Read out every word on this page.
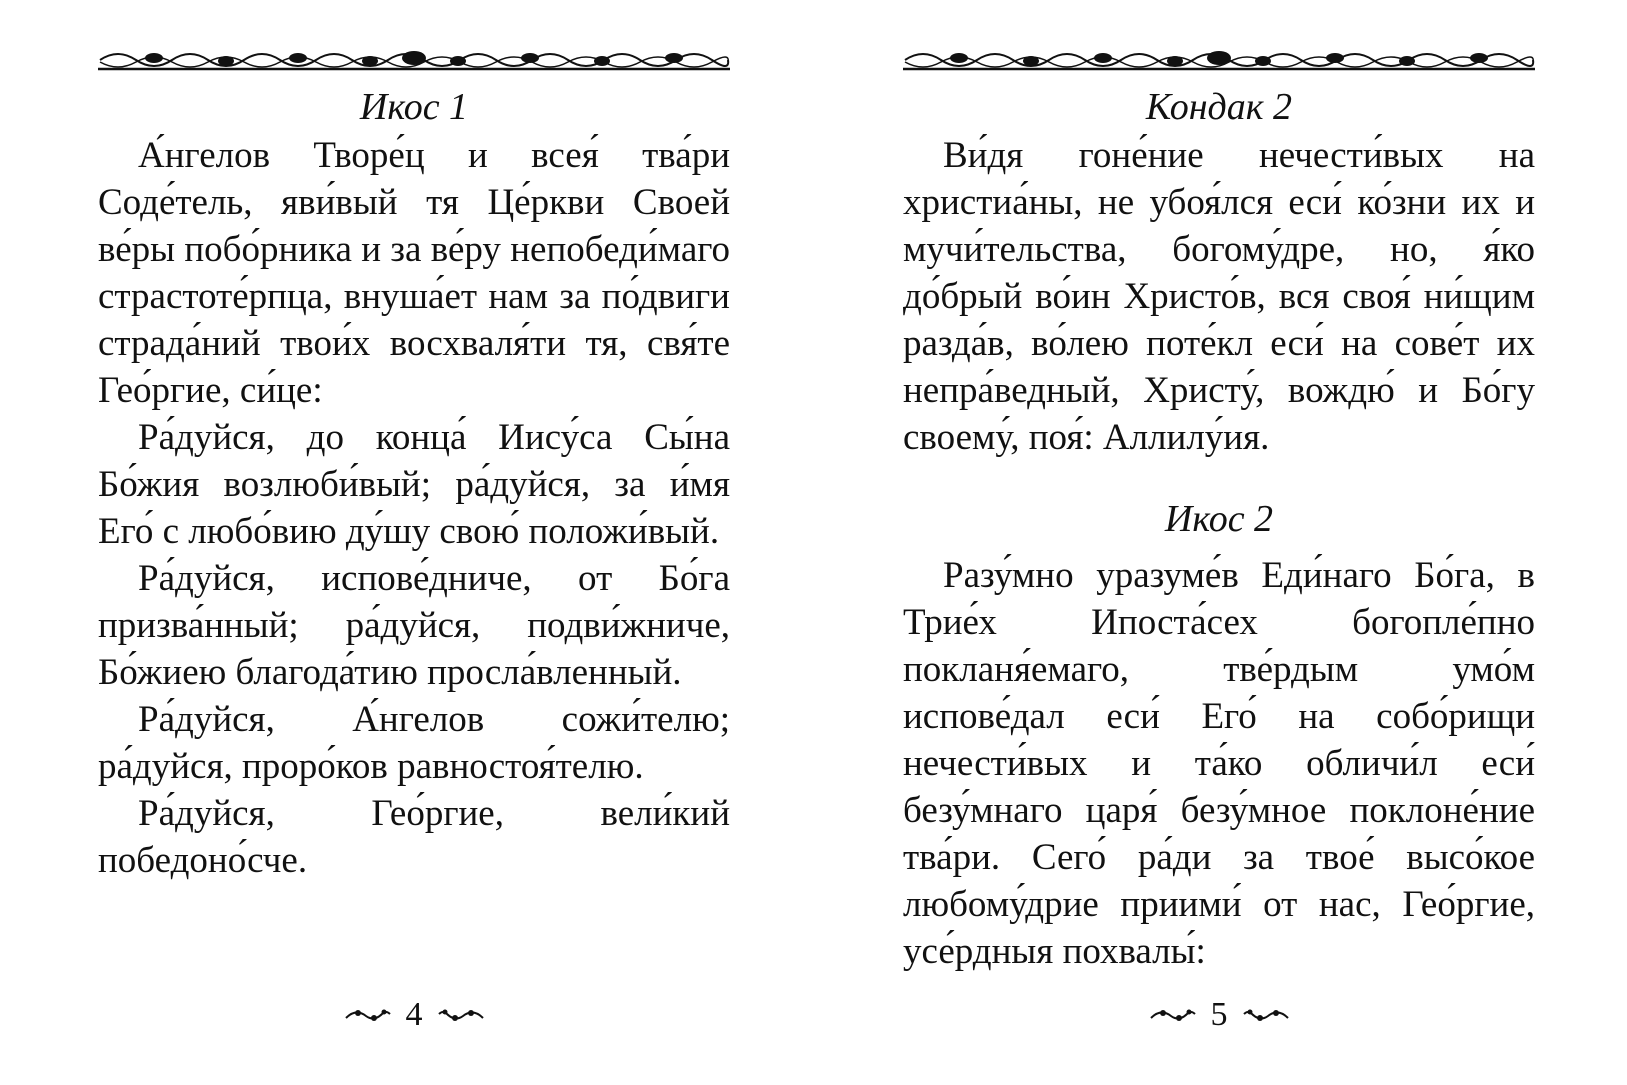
Икос 1

А́нгелов Творе́ц и всея́ тва́ри Соде́тель, яви́вый тя Це́ркви Своей ве́ры побо́рника и за ве́ру непобеди́маго страстоте́рпца, внуша́ет нам за по́двиги страда́ний твои́х восхваля́ти тя, свя́те Гео́ргие, си́це:

Ра́дуйся, до конца́ Иису́са Сы́на Бо́жия возлюби́вый; ра́дуйся, за и́мя Его́ с любо́вию ду́шу свою́ положи́вый.

Ра́дуйся, испове́дниче, от Бо́га призва́нный; ра́дуйся, подви́жниче, Бо́жиею благода́тию просла́вленный.

Ра́дуйся, А́нгелов сожи́телю; ра́дуйся, проро́ков равностоя́телю.

Ра́дуйся, Гео́ргие, вели́кий победоно́сче.

4
Кондак 2

Ви́дя гоне́ние нечести́вых на христиа́ны, не убоя́лся еси́ ко́зни их и мучи́тельства, богому́дре, но, я́ко до́брый во́ин Христо́в, вся своя́ ни́щим разда́в, во́лею поте́кл еси́ на сове́т их непра́ведный, Христу́, вождю́ и Бо́гу своему́, поя́: Аллилу́ия.

Икос 2

Разу́мно уразуме́в Еди́наго Бо́га, в Трие́х Ипоста́сех богопле́пно покланя́емаго, тве́рдым умо́м испове́дал еси́ Его́ на собо́рищи нечести́вых и та́ко обличи́л еси́ безу́мнаго царя́ безу́мное поклоне́ние тва́ри. Сего́ ра́ди за твое́ высо́кое любому́дрие приими́ от нас, Гео́ргие, усе́рдныя похвалы́:

5
